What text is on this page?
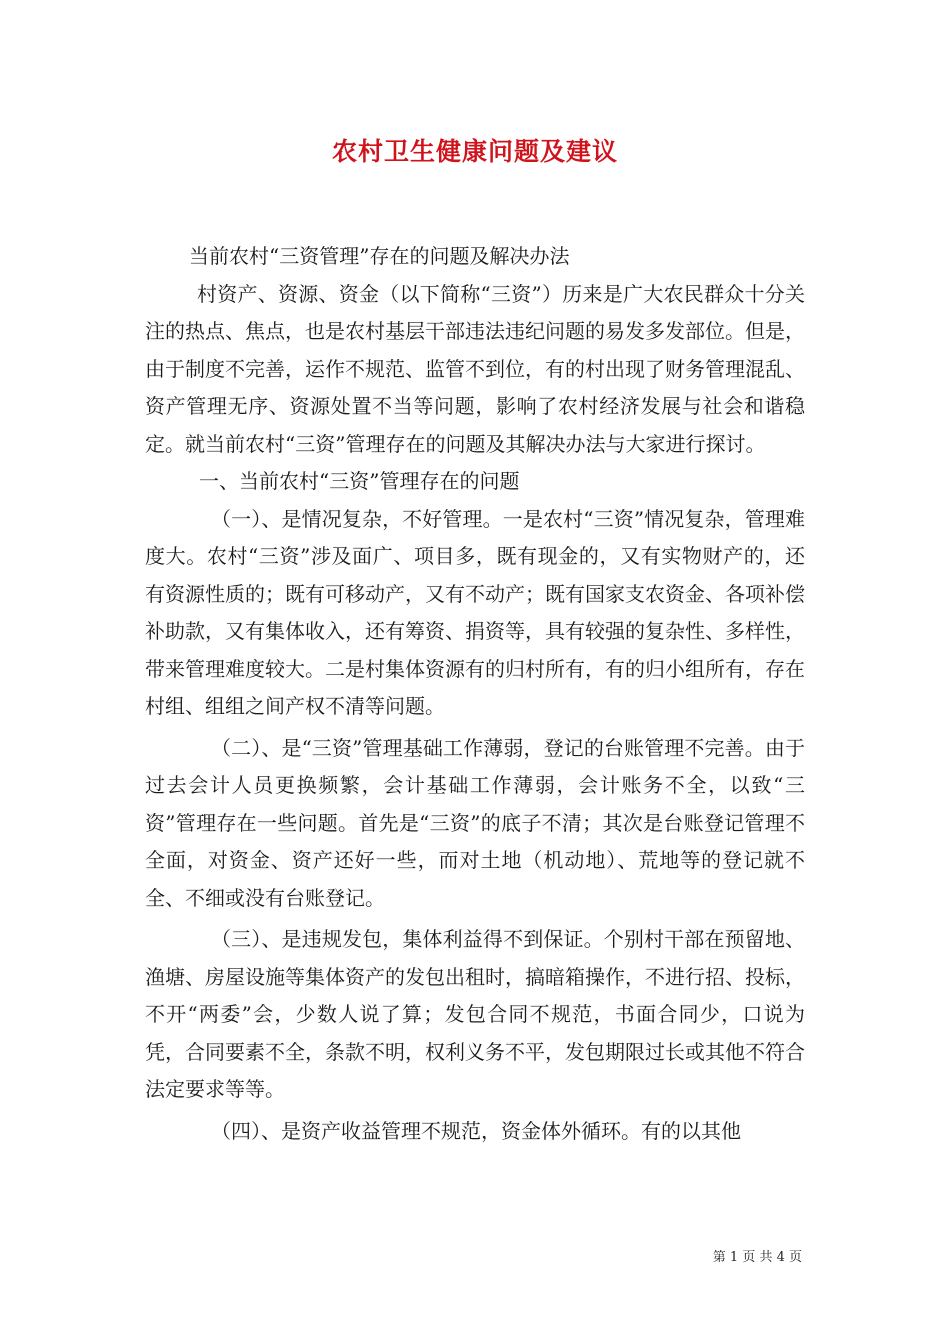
农村卫生健康问题及建议

当前农村“三资管理”存在的问题及解决办法

村资产、资源、资金（以下简称“三资”）历来是广大农民群众十分关注的热点、焦点，也是农村基层干部违法违纪问题的易发多发部位。但是，由于制度不完善，运作不规范、监管不到位，有的村出现了财务管理混乱、资产管理无序、资源处置不当等问题，影响了农村经济发展与社会和谐稳定。就当前农村“三资”管理存在的问题及其解决办法与大家进行探讨。

一、当前农村“三资”管理存在的问题

（一）、是情况复杂，不好管理。一是农村“三资”情况复杂，管理难度大。农村“三资”涉及面广、项目多，既有现金的，又有实物财产的，还有资源性质的；既有可移动产，又有不动产；既有国家支农资金、各项补偿补助款，又有集体收入，还有筹资、捐资等，具有较强的复杂性、多样性，带来管理难度较大。二是村集体资源有的归村所有，有的归小组所有，存在村组、组组之间产权不清等问题。

（二）、是“三资”管理基础工作薄弱，登记的台账管理不完善。由于过去会计人员更换频繁，会计基础工作薄弱，会计账务不全，以致“三资”管理存在一些问题。首先是“三资”的底子不清；其次是台账登记管理不全面，对资金、资产还好一些，而对土地（机动地）、荒地等的登记就不全、不细或没有台账登记。

（三）、是违规发包，集体利益得不到保证。个别村干部在预留地、渔塘、房屋设施等集体资产的发包出租时，搞暗箱操作，不进行招、投标，不开“两委”会，少数人说了算；发包合同不规范，书面合同少，口说为凭，合同要素不全，条款不明，权利义务不平，发包期限过长或其他不符合法定要求等等。

（四）、是资产收益管理不规范，资金体外循环。有的以其他

第 1 页 共 4 页
